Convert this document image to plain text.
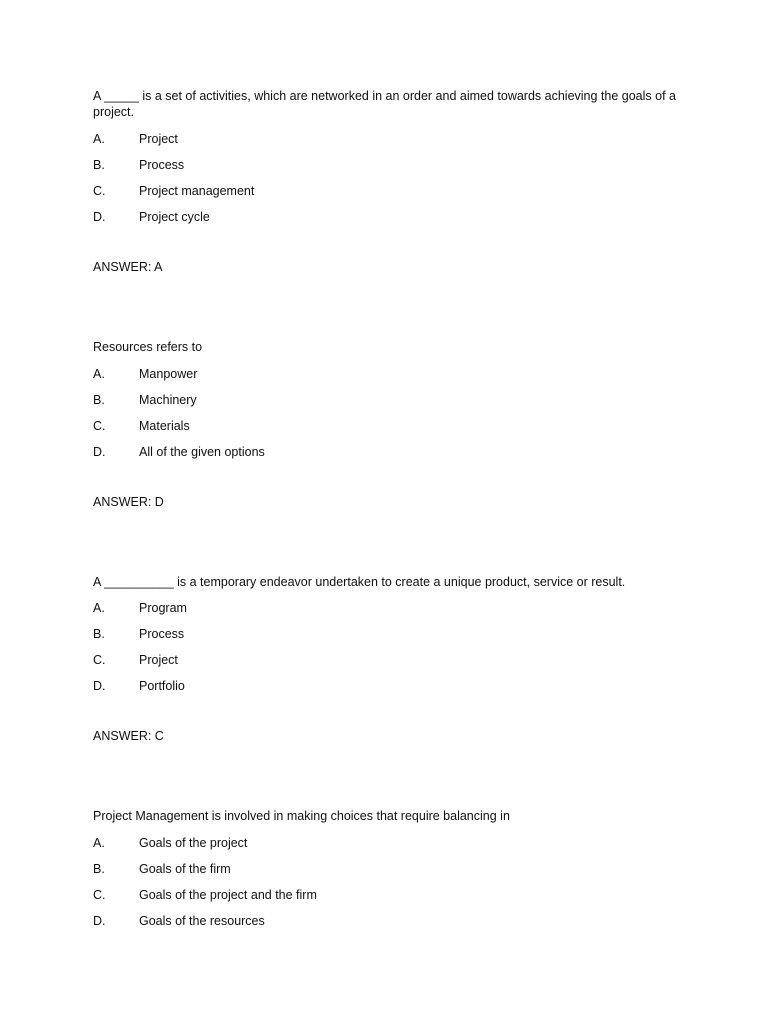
A _____ is a set of activities, which are networked in an order and aimed towards achieving the goals of a project.

A.	Project
B.	Process
C.	Project management
D.	Project cycle
ANSWER: A

Resources refers to

A.	Manpower
B.	Machinery
C.	Materials
D.	All of the given options
ANSWER: D

A __________ is a temporary endeavor undertaken to create a unique product, service or result.

A.	Program
B.	Process
C.	Project
D.	Portfolio
ANSWER: C

Project Management is involved in making choices that require balancing in

A.	Goals of the project
B.	Goals of the firm
C.	Goals of the project and the firm
D.	Goals of the resources
